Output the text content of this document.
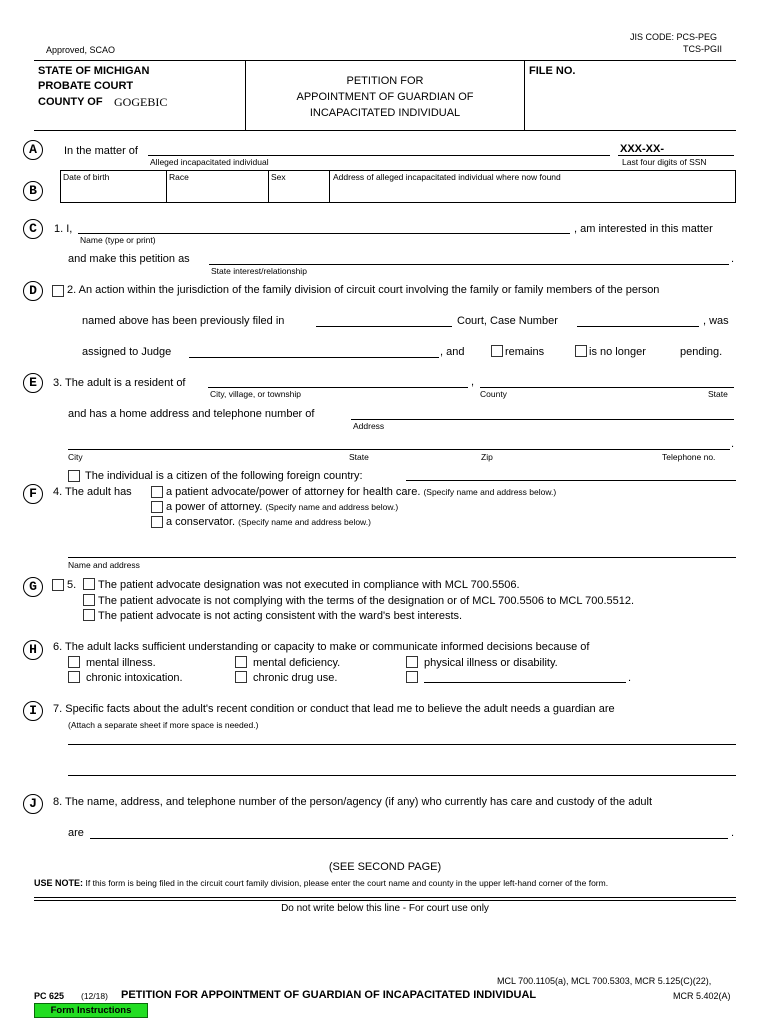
Approved, SCAO
JIS CODE: PCS-PEG
TCS-PGII
STATE OF MICHIGAN
PROBATE COURT
COUNTY OF GOGEBIC
PETITION FOR
APPOINTMENT OF GUARDIAN OF
INCAPACITATED INDIVIDUAL
FILE NO.
A
B
C
D
E
F
G
H
I
J
In the matter of
Alleged incapacitated individual
XXX-XX-
Last four digits of SSN
Date of birth	Race	Sex	Address of alleged incapacitated individual where now found
1. I,
Name (type or print)
, am interested in this matter
and make this petition as
State interest/relationship
.
2. An action within the jurisdiction of the family division of circuit court involving the family or family members of the person
named above has been previously filed in	Court, Case Number	, was
assigned to Judge	, and	remains	is no longer	pending.
3. The adult is a resident of
City, village, or township
,
County	State
and has a home address and telephone number of
Address
.
City	State	Zip	Telephone no.
The individual is a citizen of the following foreign country:
4. The adult has	a patient advocate/power of attorney for health care. (Specify name and address below.)
a power of attorney. (Specify name and address below.)
a conservator. (Specify name and address below.)
Name and address
5. The patient advocate designation was not executed in compliance with MCL 700.5506.
The patient advocate is not complying with the terms of the designation or of MCL 700.5506 to MCL 700.5512.
The patient advocate is not acting consistent with the ward's best interests.
6. The adult lacks sufficient understanding or capacity to make or communicate informed decisions because of
mental illness.	mental deficiency.	physical illness or disability.
chronic intoxication.	chronic drug use.	.
7. Specific facts about the adult's recent condition or conduct that lead me to believe the adult needs a guardian are
(Attach a separate sheet if more space is needed.)
8. The name, address, and telephone number of the person/agency (if any) who currently has care and custody of the adult
are	.
(SEE SECOND PAGE)
USE NOTE: If this form is being filed in the circuit court family division, please enter the court name and county in the upper left-hand corner of the form.
Do not write below this line - For court use only
MCL 700.1105(a), MCL 700.5303, MCR 5.125(C)(22),
MCR 5.402(A)
PC 625 (12/18) PETITION FOR APPOINTMENT OF GUARDIAN OF INCAPACITATED INDIVIDUAL
Form Instructions
